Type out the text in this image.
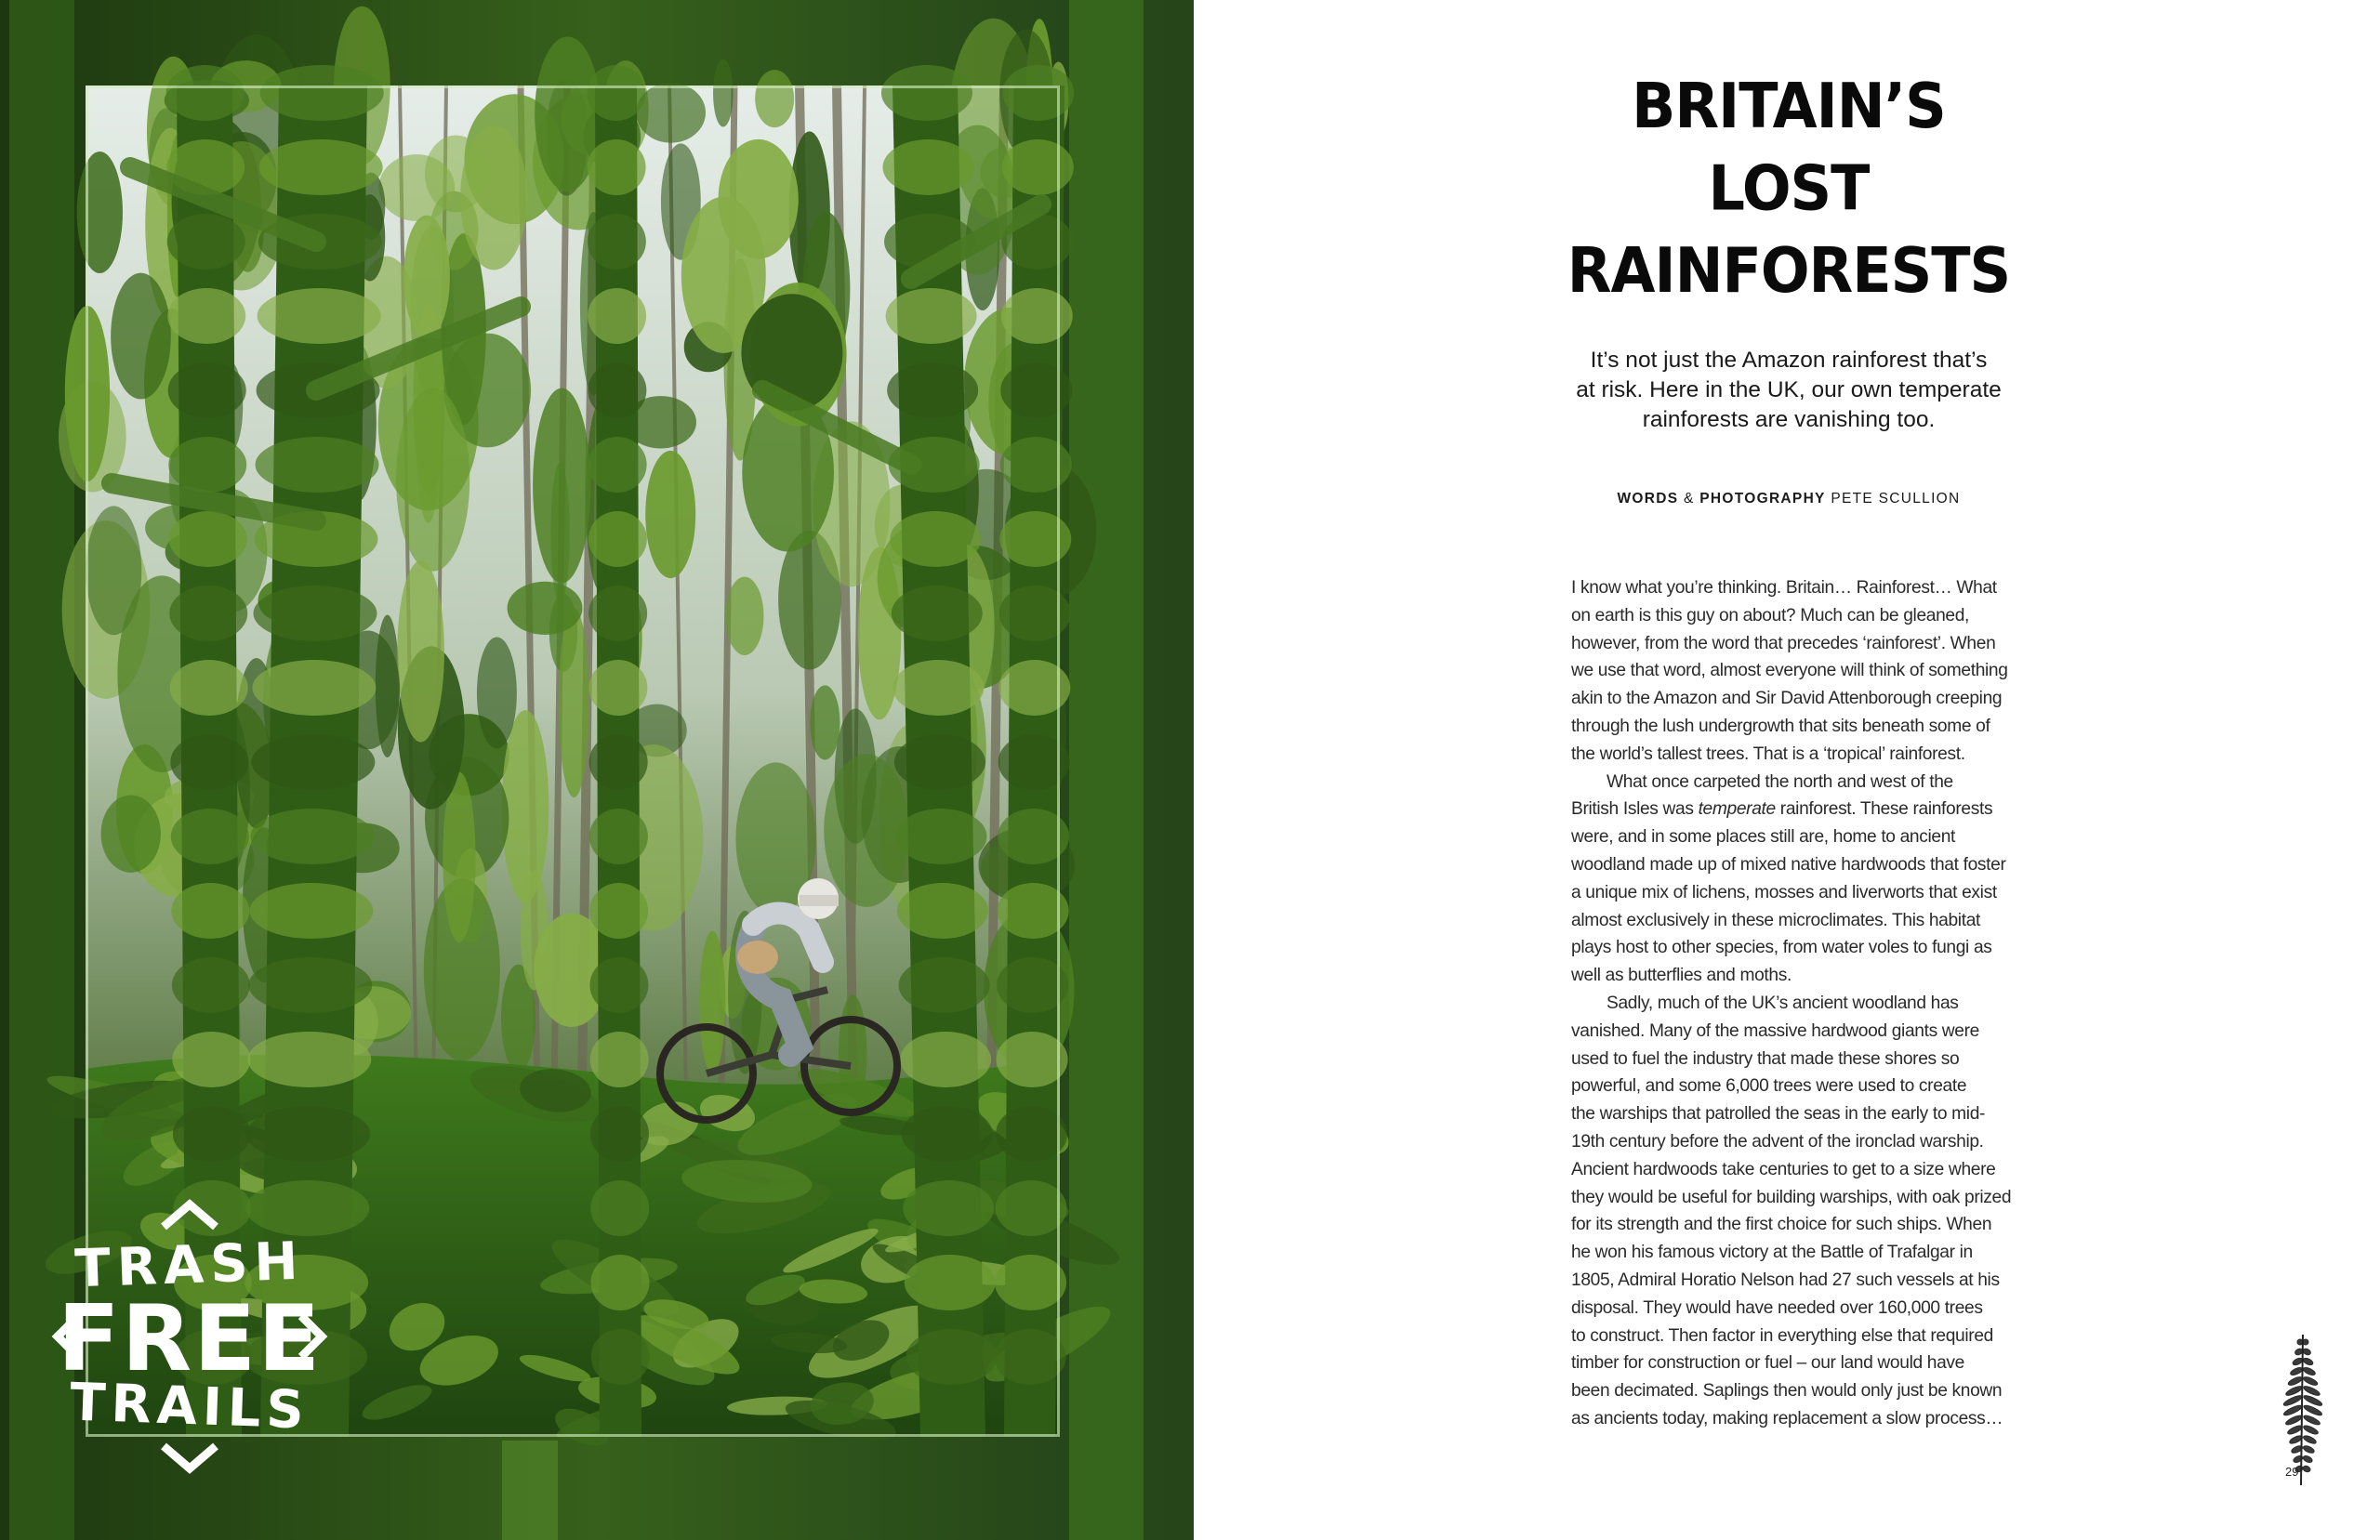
TRASH
FREE
TRAILS
BRITAIN’S
LOST
RAINFORESTS
It’s not just the Amazon rainforest that’s
at risk. Here in the UK, our own temperate
rainforests are vanishing too.
WORDS & PHOTOGRAPHY PETE SCULLION
I know what you’re thinking. Britain… Rainforest… What
on earth is this guy on about? Much can be gleaned,
however, from the word that precedes ‘rainforest’. When
we use that word, almost everyone will think of something
akin to the Amazon and Sir David Attenborough creeping
through the lush undergrowth that sits beneath some of
the world’s tallest trees. That is a ‘tropical’ rainforest.
What once carpeted the north and west of the
British Isles was temperate rainforest. These rainforests
were, and in some places still are, home to ancient
woodland made up of mixed native hardwoods that foster
a unique mix of lichens, mosses and liverworts that exist
almost exclusively in these microclimates. This habitat
plays host to other species, from water voles to fungi as
well as butterflies and moths.
Sadly, much of the UK’s ancient woodland has
vanished. Many of the massive hardwood giants were
used to fuel the industry that made these shores so
powerful, and some 6,000 trees were used to create
the warships that patrolled the seas in the early to mid-
19th century before the advent of the ironclad warship.
Ancient hardwoods take centuries to get to a size where
they would be useful for building warships, with oak prized
for its strength and the first choice for such ships. When
he won his famous victory at the Battle of Trafalgar in
1805, Admiral Horatio Nelson had 27 such vessels at his
disposal. They would have needed over 160,000 trees
to construct. Then factor in everything else that required
timber for construction or fuel – our land would have
been decimated. Saplings then would only just be known
as ancients today, making replacement a slow process…
29
